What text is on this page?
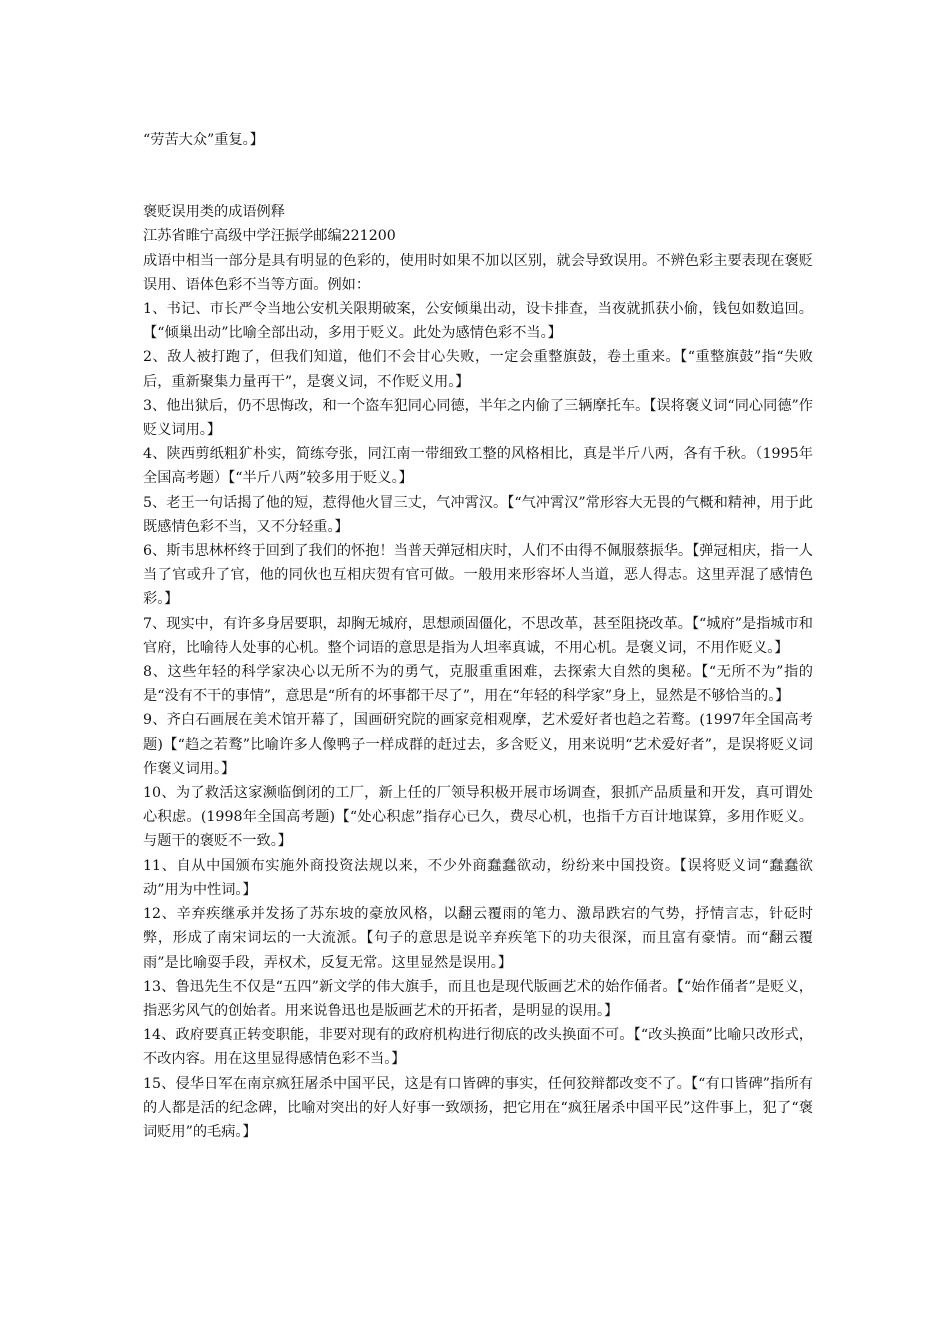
“劳苦大众”重复。】

褒贬误用类的成语例释

江苏省睢宁高级中学汪振学邮编221200

成语中相当一部分是具有明显的色彩的，使用时如果不加以区别，就会导致误用。不辨色彩主要表现在褒贬误用、语体色彩不当等方面。例如：

1、书记、市长严令当地公安机关限期破案，公安倾巢出动，设卡排查，当夜就抓获小偷，钱包如数追回。【“倾巢出动”比喻全部出动，多用于贬义。此处为感情色彩不当。】

2、敌人被打跑了，但我们知道，他们不会甘心失败，一定会重整旗鼓，卷土重来。【“重整旗鼓”指“失败后，重新聚集力量再干”，是褒义词，不作贬义用。】

3、他出狱后，仍不思悔改，和一个盗车犯同心同德，半年之内偷了三辆摩托车。【误将褒义词“同心同德”作贬义词用。】

4、陕西剪纸粗犷朴实，简练夸张，同江南一带细致工整的风格相比，真是半斤八两，各有千秋。（1995年全国高考题）【“半斤八两”较多用于贬义。】

5、老王一句话揭了他的短，惹得他火冒三丈，气冲霄汉。【“气冲霄汉”常形容大无畏的气概和精神，用于此既感情色彩不当，又不分轻重。】

6、斯韦思林杯终于回到了我们的怀抱！当普天弹冠相庆时，人们不由得不佩服蔡振华。【弹冠相庆，指一人当了官或升了官，他的同伙也互相庆贺有官可做。一般用来形容坏人当道，恶人得志。这里弄混了感情色彩。】

7、现实中，有许多身居要职，却胸无城府，思想顽固僵化，不思改革，甚至阻挠改革。【“城府”是指城市和官府，比喻待人处事的心机。整个词语的意思是指为人坦率真诚，不用心机。是褒义词，不用作贬义。】

8、这些年轻的科学家决心以无所不为的勇气，克服重重困难，去探索大自然的奥秘。【“无所不为”指的是“没有不干的事情”，意思是“所有的坏事都干尽了”，用在“年轻的科学家”身上，显然是不够恰当的。】

9、齐白石画展在美术馆开幕了，国画研究院的画家竞相观摩，艺术爱好者也趋之若鹜。(1997年全国高考题)【“趋之若鹜”比喻许多人像鸭子一样成群的赶过去，多含贬义，用来说明“艺术爱好者”，是误将贬义词作褒义词用。】

10、为了救活这家濒临倒闭的工厂，新上任的厂领导积极开展市场调查，狠抓产品质量和开发，真可谓处心积虑。(1998年全国高考题)【“处心积虑”指存心已久，费尽心机，也指千方百计地谋算，多用作贬义。与题干的褒贬不一致。】

11、自从中国颁布实施外商投资法规以来，不少外商蠢蠢欲动，纷纷来中国投资。【误将贬义词“蠢蠢欲动”用为中性词。】

12、辛弃疾继承并发扬了苏东坡的豪放风格，以翻云覆雨的笔力、激昂跌宕的气势，抒情言志，针砭时弊，形成了南宋词坛的一大流派。【句子的意思是说辛弃疾笔下的功夫很深，而且富有豪情。而“翻云覆雨”是比喻耍手段，弄权术，反复无常。这里显然是误用。】

13、鲁迅先生不仅是“五四”新文学的伟大旗手，而且也是现代版画艺术的始作俑者。【“始作俑者”是贬义，指恶劣风气的创始者。用来说鲁迅也是版画艺术的开拓者，是明显的误用。】

14、政府要真正转变职能，非要对现有的政府机构进行彻底的改头换面不可。【“改头换面”比喻只改形式，不改内容。用在这里显得感情色彩不当。】

15、侵华日军在南京疯狂屠杀中国平民，这是有口皆碑的事实，任何狡辩都改变不了。【“有口皆碑”指所有的人都是活的纪念碑，比喻对突出的好人好事一致颂扬，把它用在“疯狂屠杀中国平民”这件事上，犯了“褒词贬用”的毛病。】
